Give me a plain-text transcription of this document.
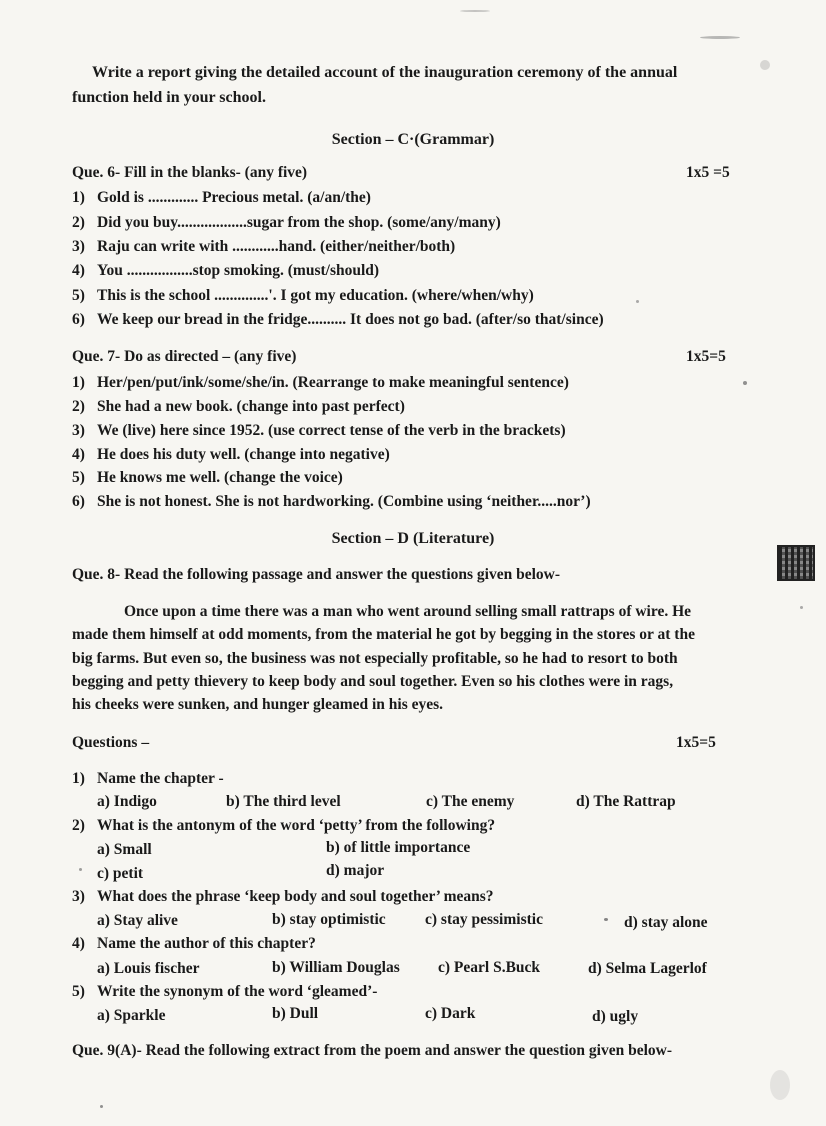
Write a report giving the detailed account of the inauguration ceremony of the annual
function held in your school.
Section – C·(Grammar)
Que. 6- Fill in the blanks- (any five)	1x5 =5
1) Gold is ............. Precious metal. (a/an/the)
2) Did you buy..................sugar from the shop. (some/any/many)
3) Raju can write with ............hand. (either/neither/both)
4) You .................stop smoking. (must/should)
5) This is the school ..............'. I got my education. (where/when/why)
6) We keep our bread in the fridge.......... It does not go bad. (after/so that/since)
Que. 7- Do as directed – (any five)	1x5=5
1) Her/pen/put/ink/some/she/in. (Rearrange to make meaningful sentence)
2) She had a new book. (change into past perfect)
3) We (live) here since 1952. (use correct tense of the verb in the brackets)
4) He does his duty well. (change into negative)
5) He knows me well. (change the voice)
6) She is not honest. She is not hardworking. (Combine using ‘neither.....nor’)
Section – D (Literature)
Que. 8- Read the following passage and answer the questions given below-
Once upon a time there was a man who went around selling small rattraps of wire. He
made them himself at odd moments, from the material he got by begging in the stores or at the
big farms. But even so, the business was not especially profitable, so he had to resort to both
begging and petty thievery to keep body and soul together. Even so his clothes were in rags,
his cheeks were sunken, and hunger gleamed in his eyes.
Questions –	1x5=5
1) Name the chapter -
a) Indigo	b) The third level	c) The enemy	d) The Rattrap
2) What is the antonym of the word ‘petty’ from the following?
a) Small	b) of little importance
c) petit	d) major
3) What does the phrase ‘keep body and soul together’ means?
a) Stay alive	b) stay optimistic	c) stay pessimistic	d) stay alone
4) Name the author of this chapter?
a) Louis fischer	b) William Douglas c) Pearl S.Buck	d) Selma Lagerlof
5) Write the synonym of the word ‘gleamed’-
a) Sparkle	b) Dull	c) Dark	d) ugly
Que. 9(A)- Read the following extract from the poem and answer the question given below-
